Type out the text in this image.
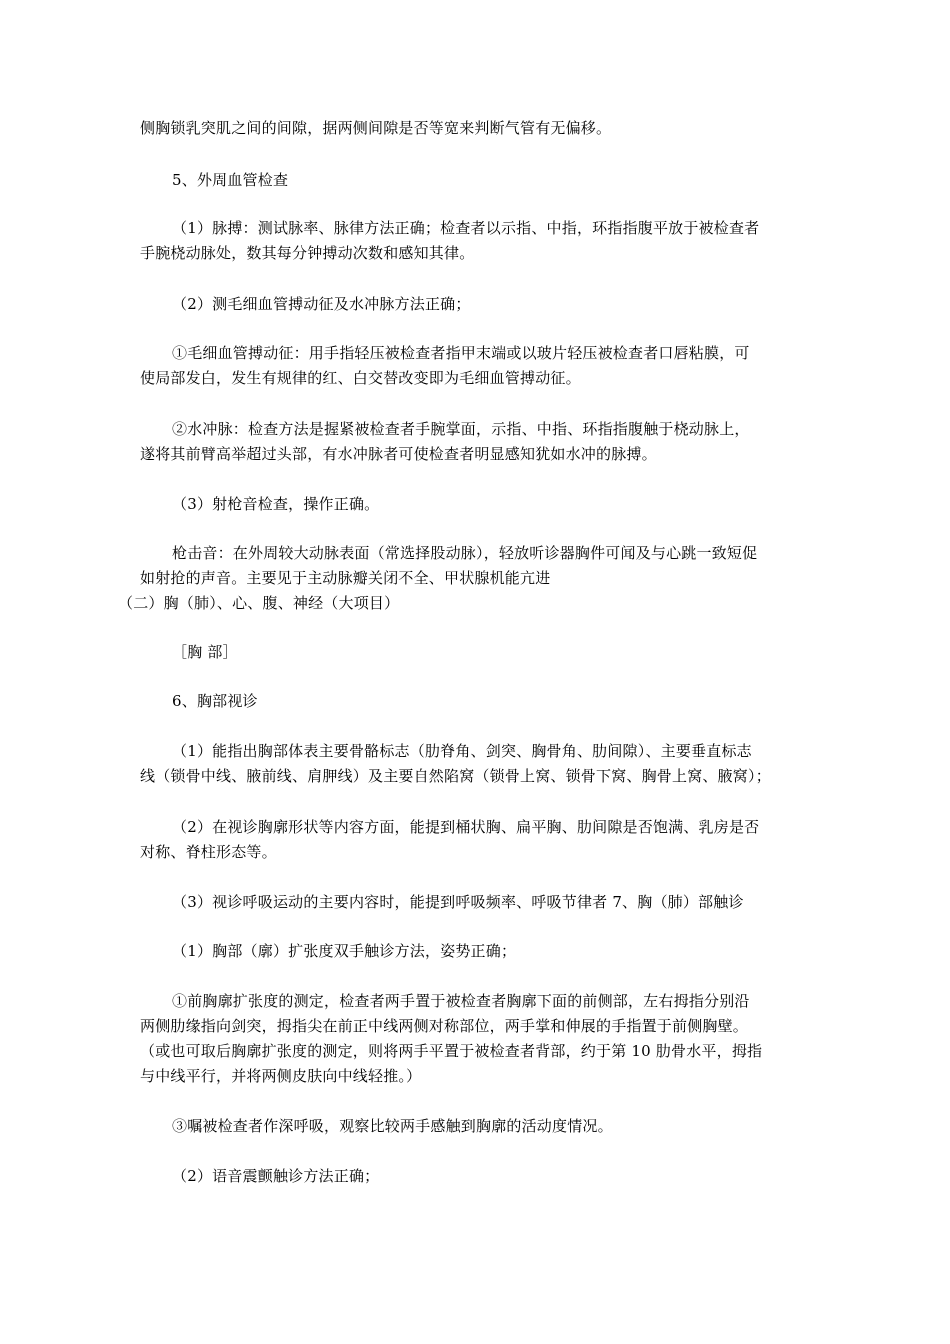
侧胸锁乳突肌之间的间隙，据两侧间隙是否等宽来判断气管有无偏移。
5、外周血管检查
（1）脉搏：测试脉率、脉律方法正确；检查者以示指、中指，环指指腹平放于被检查者
手腕桡动脉处，数其每分钟搏动次数和感知其律。
（2）测毛细血管搏动征及水冲脉方法正确；
①毛细血管搏动征：用手指轻压被检查者指甲末端或以玻片轻压被检查者口唇粘膜，可
使局部发白，发生有规律的红、白交替改变即为毛细血管搏动征。
②水冲脉：检查方法是握紧被检查者手腕掌面，示指、中指、环指指腹触于桡动脉上，
遂将其前臂高举超过头部，有水冲脉者可使检查者明显感知犹如水冲的脉搏。
（3）射枪音检查，操作正确。
枪击音：在外周较大动脉表面（常选择股动脉），轻放听诊器胸件可闻及与心跳一致短促
如射抢的声音。主要见于主动脉瓣关闭不全、甲状腺机能亢进
（二）胸（肺）、心、腹、神经（大项目）
［胸 部］
6、胸部视诊
（1）能指出胸部体表主要骨骼标志（肋脊角、剑突、胸骨角、肋间隙）、主要垂直标志
线（锁骨中线、腋前线、肩胛线）及主要自然陷窝（锁骨上窝、锁骨下窝、胸骨上窝、腋窝）；
（2）在视诊胸廓形状等内容方面，能提到桶状胸、扁平胸、肋间隙是否饱满、乳房是否
对称、脊柱形态等。
（3）视诊呼吸运动的主要内容时，能提到呼吸频率、呼吸节律者 7、胸（肺）部触诊
（1）胸部（廓）扩张度双手触诊方法，姿势正确；
①前胸廓扩张度的测定，检查者两手置于被检查者胸廓下面的前侧部，左右拇指分别沿
两侧肋缘指向剑突，拇指尖在前正中线两侧对称部位，两手掌和伸展的手指置于前侧胸壁。
（或也可取后胸廓扩张度的测定，则将两手平置于被检查者背部，约于第 10 肋骨水平，拇指
与中线平行，并将两侧皮肤向中线轻推。）
③嘱被检查者作深呼吸，观察比较两手感触到胸廓的活动度情况。
（2）语音震颤触诊方法正确；
